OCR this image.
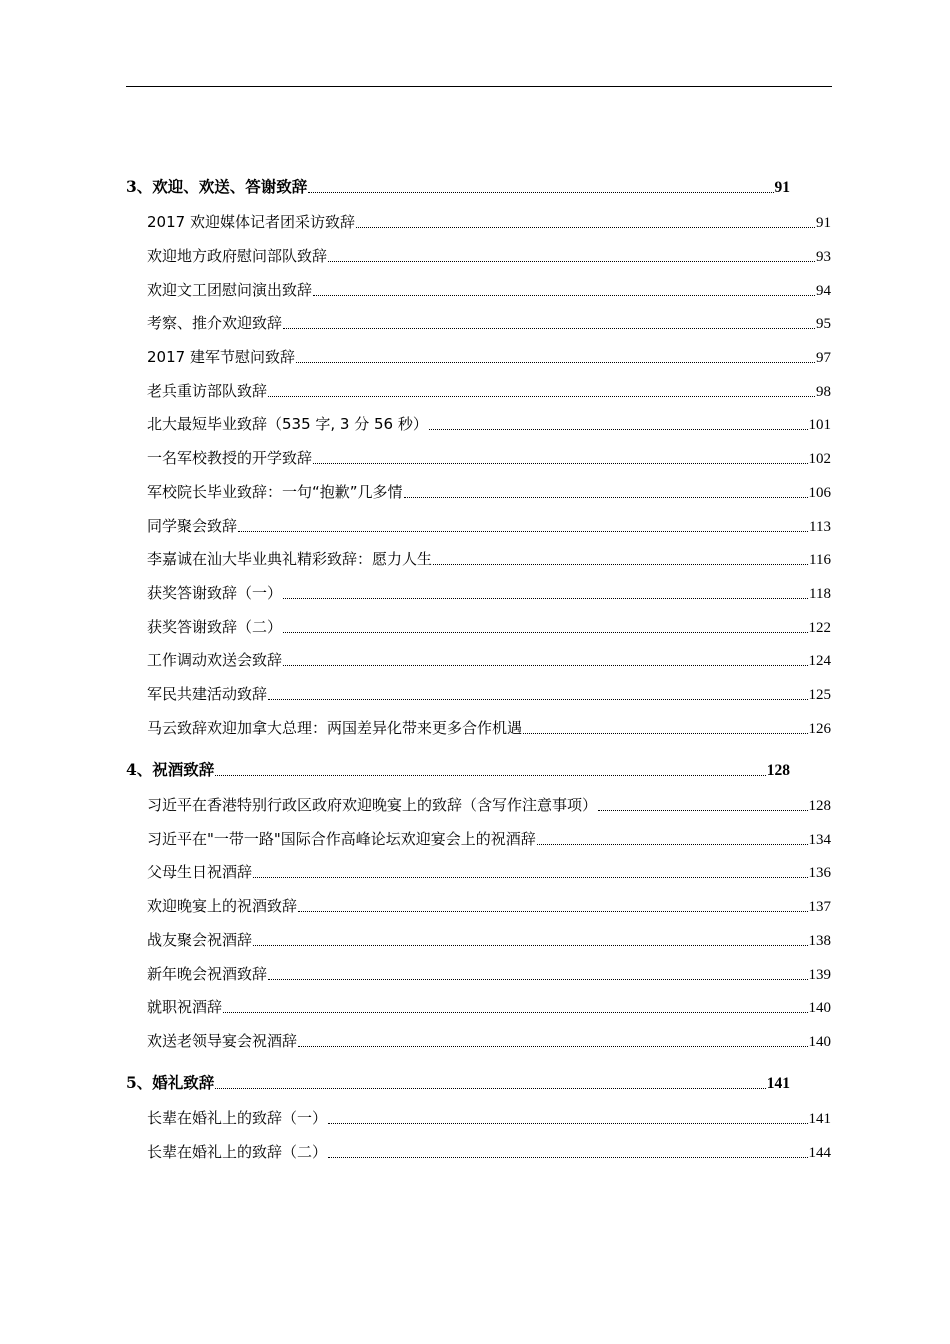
3、欢迎、欢送、答谢致辞	91
2017 欢迎媒体记者团采访致辞	91
欢迎地方政府慰问部队致辞	93
欢迎文工团慰问演出致辞	94
考察、推介欢迎致辞	95
2017 建军节慰问致辞	97
老兵重访部队致辞	98
北大最短毕业致辞（535 字, 3 分 56 秒）	101
一名军校教授的开学致辞	102
军校院长毕业致辞：一句“抱歉”几多情	106
同学聚会致辞	113
李嘉诚在汕大毕业典礼精彩致辞：愿力人生	116
获奖答谢致辞（一）	118
获奖答谢致辞（二）	122
工作调动欢送会致辞	124
军民共建活动致辞	125
马云致辞欢迎加拿大总理：两国差异化带来更多合作机遇	126
4、祝酒致辞	128
习近平在香港特别行政区政府欢迎晚宴上的致辞（含写作注意事项）	128
习近平在"一带一路"国际合作高峰论坛欢迎宴会上的祝酒辞	134
父母生日祝酒辞	136
欢迎晚宴上的祝酒致辞	137
战友聚会祝酒辞	138
新年晚会祝酒致辞	139
就职祝酒辞	140
欢送老领导宴会祝酒辞	140
5、婚礼致辞	141
长辈在婚礼上的致辞（一）	141
长辈在婚礼上的致辞（二）	144
